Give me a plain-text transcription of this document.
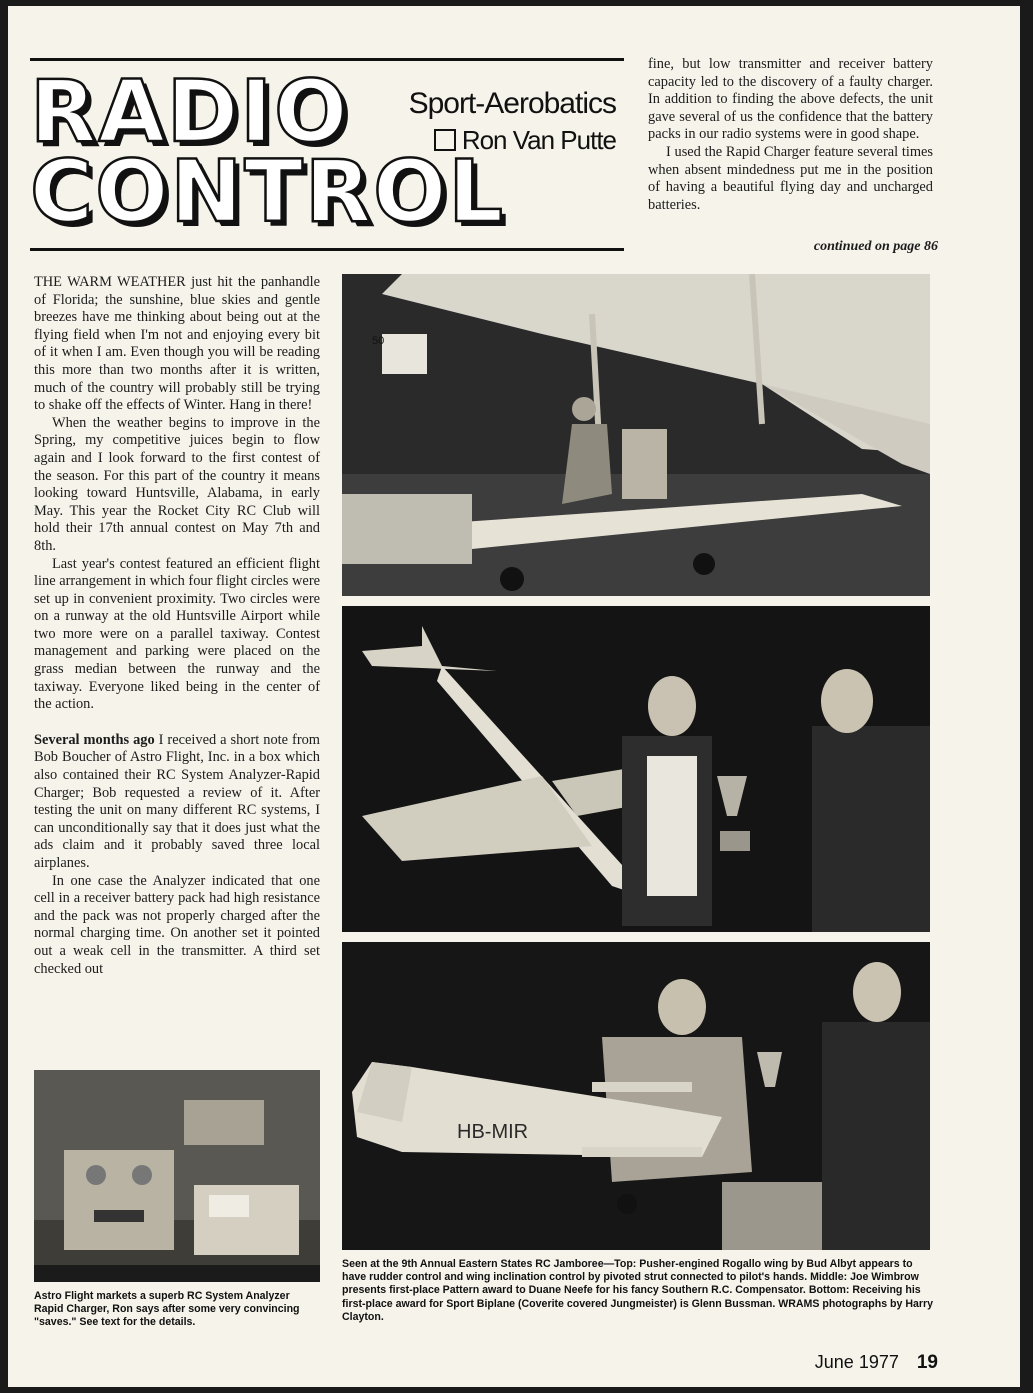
RADIO
CONTROL
Sport-Aerobatics
Ron Van Putte

fine, but low transmitter and receiver battery capacity led to the discovery of a faulty charger. In addition to finding the above defects, the unit gave several of us the confidence that the battery packs in our radio systems were in good shape.

I used the Rapid Charger feature several times when absent mindedness put me in the position of having a beautiful flying day and uncharged batteries.

continued on page 86

THE WARM WEATHER just hit the panhandle of Florida; the sunshine, blue skies and gentle breezes have me thinking about being out at the flying field when I'm not and enjoying every bit of it when I am. Even though you will be reading this more than two months after it is written, much of the country will probably still be trying to shake off the effects of Winter. Hang in there!

When the weather begins to improve in the Spring, my competitive juices begin to flow again and I look forward to the first contest of the season. For this part of the country it means looking toward Huntsville, Alabama, in early May. This year the Rocket City RC Club will hold their 17th annual contest on May 7th and 8th.

Last year's contest featured an efficient flight line arrangement in which four flight circles were set up in convenient proximity. Two circles were on a runway at the old Huntsville Airport while two more were on a parallel taxiway. Contest management and parking were placed on the grass median between the runway and the taxiway. Everyone liked being in the center of the action.

Several months ago I received a short note from Bob Boucher of Astro Flight, Inc. in a box which also contained their RC System Analyzer-Rapid Charger; Bob requested a review of it. After testing the unit on many different RC systems, I can unconditionally say that it does just what the ads claim and it probably saved three local airplanes.

In one case the Analyzer indicated that one cell in a receiver battery pack had high resistance and the pack was not properly charged after the normal charging time. On another set it pointed out a weak cell in the transmitter. A third set checked out

50
HB-MIR
Astro Flight markets a superb RC System Analyzer Rapid Charger, Ron says after some very convincing "saves." See text for the details.
Seen at the 9th Annual Eastern States RC Jamboree—Top: Pusher-engined Rogallo wing by Bud Albyt appears to have rudder control and wing inclination control by pivoted strut connected to pilot's hands. Middle: Joe Wimbrow presents first-place Pattern award to Duane Neefe for his fancy Southern R.C. Compensator. Bottom: Receiving his first-place award for Sport Biplane (Coverite covered Jungmeister) is Glenn Bussman. WRAMS photographs by Harry Clayton.
June 1977 19
